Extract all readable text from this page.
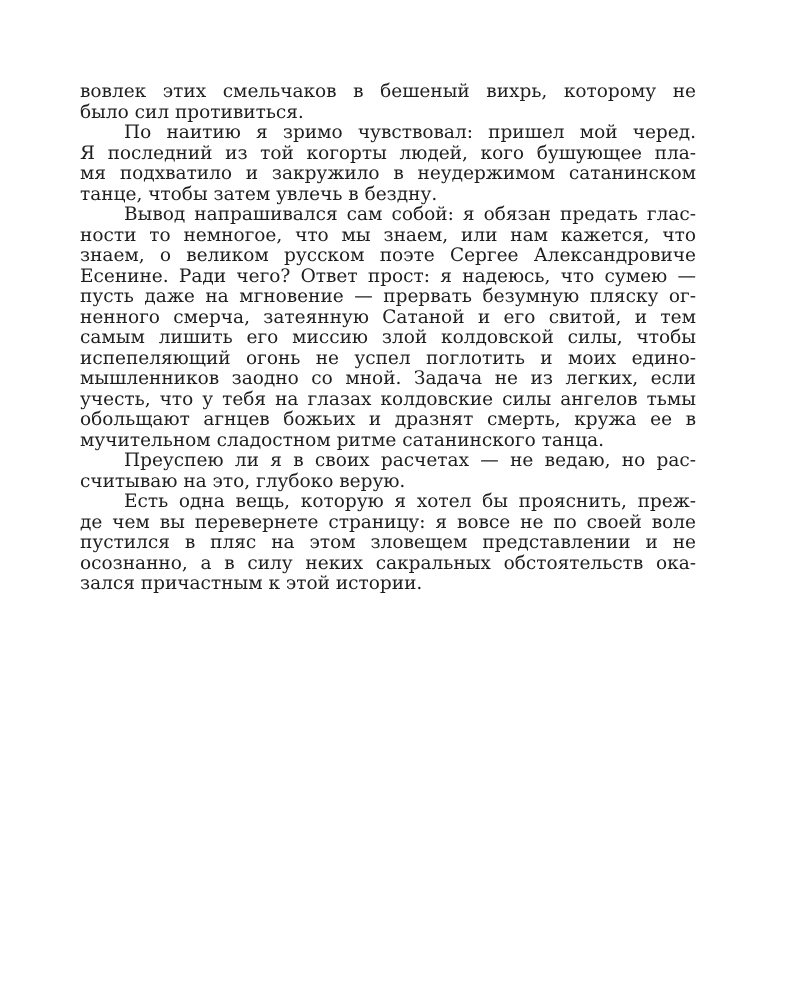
вовлек этих смельчаков в бешеный вихрь, которому не
было сил противиться.
По наитию я зримо чувствовал: пришел мой черед.
Я последний из той когорты людей, кого бушующее пла-
мя подхватило и закружило в неудержимом сатанинском
танце, чтобы затем увлечь в бездну.
Вывод напрашивался сам собой: я обязан предать глас-
ности то немногое, что мы знаем, или нам кажется, что
знаем, о великом русском поэте Сергее Александровиче
Есенине. Ради чего? Ответ прост: я надеюсь, что сумею —
пусть даже на мгновение — прервать безумную пляску ог-
ненного смерча, затеянную Сатаной и его свитой, и тем
самым лишить его миссию злой колдовской силы, чтобы
испепеляющий огонь не успел поглотить и моих едино-
мышленников заодно со мной. Задача не из легких, если
учесть, что у тебя на глазах колдовские силы ангелов тьмы
обольщают агнцев божьих и дразнят смерть, кружа ее в
мучительном сладостном ритме сатанинского танца.
Преуспею ли я в своих расчетах — не ведаю, но рас-
считываю на это, глубоко верую.
Есть одна вещь, которую я хотел бы прояснить, преж-
де чем вы перевернете страницу: я вовсе не по своей воле
пустился в пляс на этом зловещем представлении и не
осознанно, а в силу неких сакральных обстоятельств ока-
зался причастным к этой истории.
